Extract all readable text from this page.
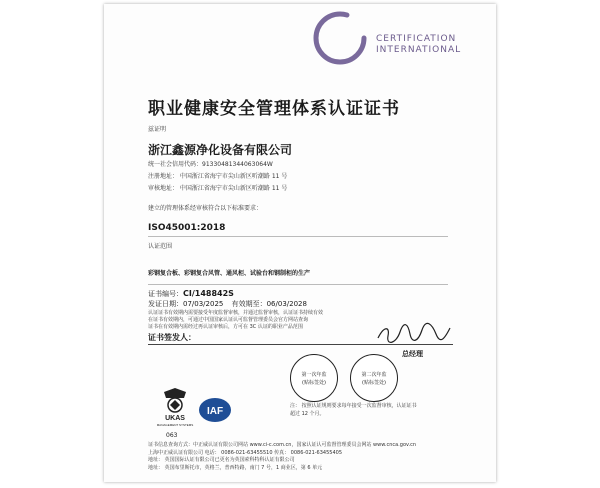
CERTIFICATION
INTERNATIONAL
职业健康安全管理体系认证证书
兹证明
浙江鑫源净化设备有限公司
统一社会信用代码：91330481344063064W
注册地址： 中国浙江省海宁市尖山新区听潮路 11 号
审核地址： 中国浙江省海宁市尖山新区听潮路 11 号
建立的管理体系经审核符合以下标准要求：
ISO45001:2018
认证范围
彩钢复合板、彩钢复合风管、通风柜、试验台和钢制柜的生产
证书编号：CI/148842S
发证日期：07/03/2025 有效期至：06/03/2028
认证证书有效期内需要接受年度监督审核，并通过监督审核，认证证书持续有效
在证书有效期内，可通过中国国家认证认可监督管理委员会官方网站查询
证书在有效期内需经过再认证审核后，方可在 3C 认证的职业产品范围
证书签发人：
总经理
第一次年监
(贴标签处)
第二次年监
(贴标签处)
注： 按照认证规则要求每年接受一次监督审核，认证证书
超过 12 个月。
UKAS
MANAGEMENT SYSTEMS
IAF
063
证书信息查询方式：中正威认证有限公司网站 www.ci-c.com.cn，国家认证认可监督管理委员会网站 www.cnca.gov.cn
上海中正威认证有限公司 电话： 0086-021-63455510 传真： 0086-021-63455405
地址： 英国国际认证有限公司已更名为英国索科特科认证有限公司
地址： 英国布里斯托市，英格兰，普西特路，南门 7 号，1 商业区，第 6 单元
